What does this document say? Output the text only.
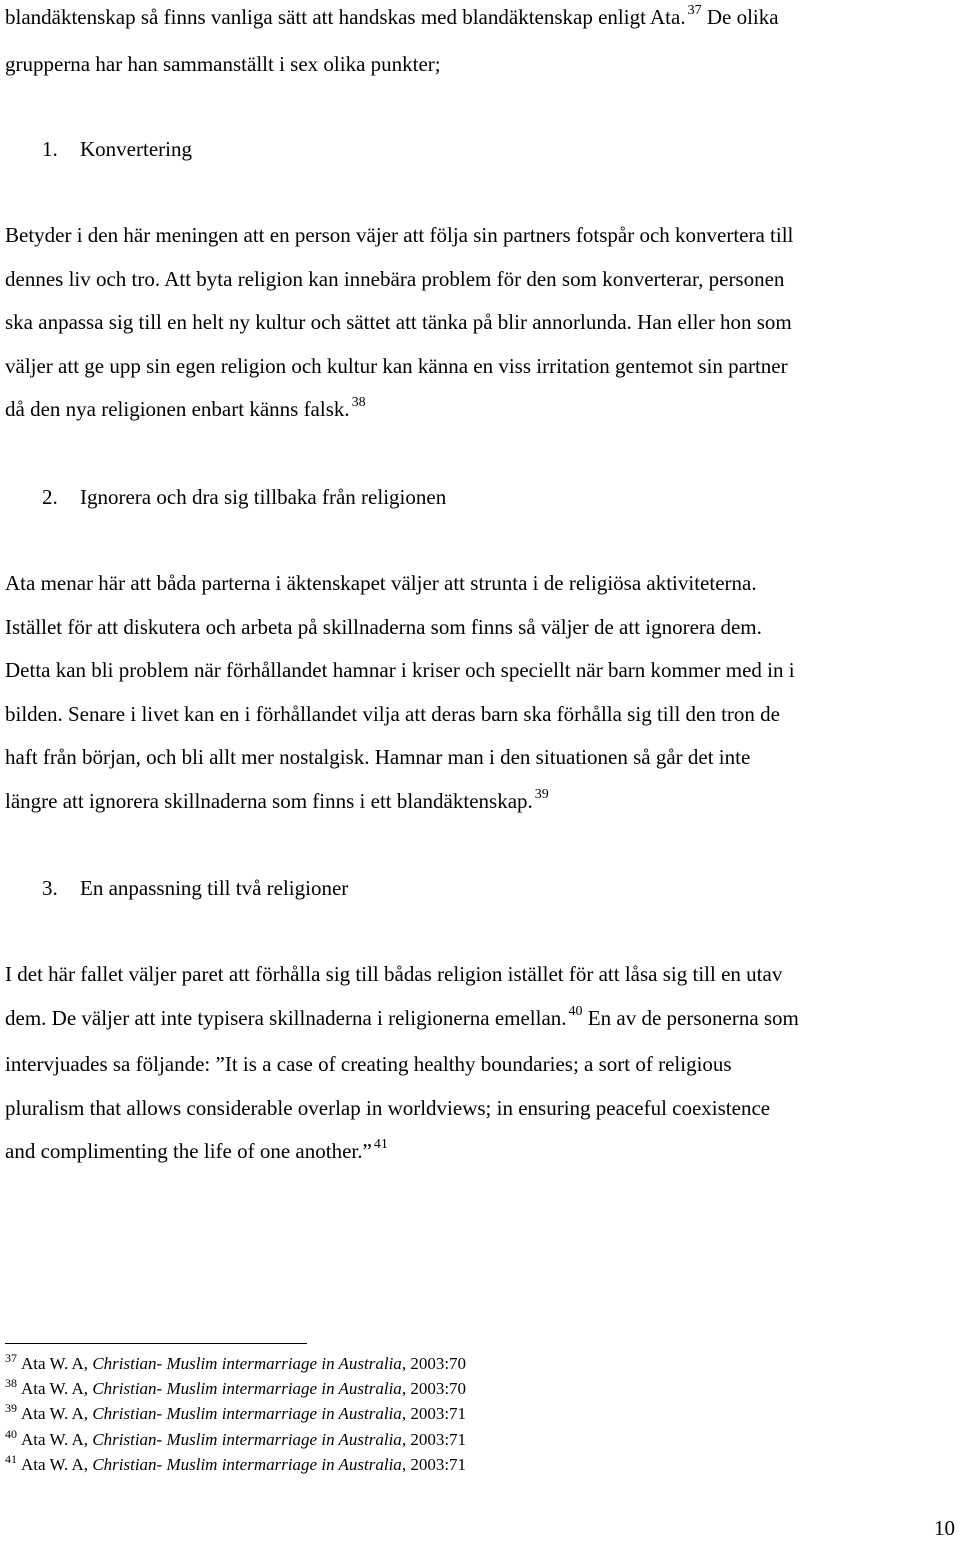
blandäktenskap så finns vanliga sätt att handskas med blandäktenskap enligt Ata. $^{37}$ De olika

grupperna har han sammanställt i sex olika punkter;

1. Konvertering

Betyder i den här meningen att en person väjer att följa sin partners fotspår och konvertera till

dennes liv och tro. Att byta religion kan innebära problem för den som konverterar, personen

ska anpassa sig till en helt ny kultur och sättet att tänka på blir annorlunda. Han eller hon som

väljer att ge upp sin egen religion och kultur kan känna en viss irritation gentemot sin partner

då den nya religionen enbart känns falsk. $^{38}$

2. Ignorera och dra sig tillbaka från religionen

Ata menar här att båda parterna i äktenskapet väljer att strunta i de religiösa aktiviteterna.

Istället för att diskutera och arbeta på skillnaderna som finns så väljer de att ignorera dem.

Detta kan bli problem när förhållandet hamnar i kriser och speciellt när barn kommer med in i

bilden. Senare i livet kan en i förhållandet vilja att deras barn ska förhålla sig till den tron de

haft från början, och bli allt mer nostalgisk. Hamnar man i den situationen så går det inte

längre att ignorera skillnaderna som finns i ett blandäktenskap. $^{39}$

3. En anpassning till två religioner

I det här fallet väljer paret att förhålla sig till bådas religion istället för att låsa sig till en utav

dem. De väljer att inte typisera skillnaderna i religionerna emellan. $^{40}$ En av de personerna som

intervjuades sa följande: ”It is a case of creating healthy boundaries; a sort of religious

pluralism that allows considerable overlap in worldviews; in ensuring peaceful coexistence

and complimenting the life of one another.” $^{41}$

$^{37}$ Ata W. A, Christian- Muslim intermarriage in Australia, 2003:70

$^{38}$ Ata W. A, Christian- Muslim intermarriage in Australia, 2003:70

$^{39}$ Ata W. A, Christian- Muslim intermarriage in Australia, 2003:71

$^{40}$ Ata W. A, Christian- Muslim intermarriage in Australia, 2003:71

$^{41}$ Ata W. A, Christian- Muslim intermarriage in Australia, 2003:71

10
